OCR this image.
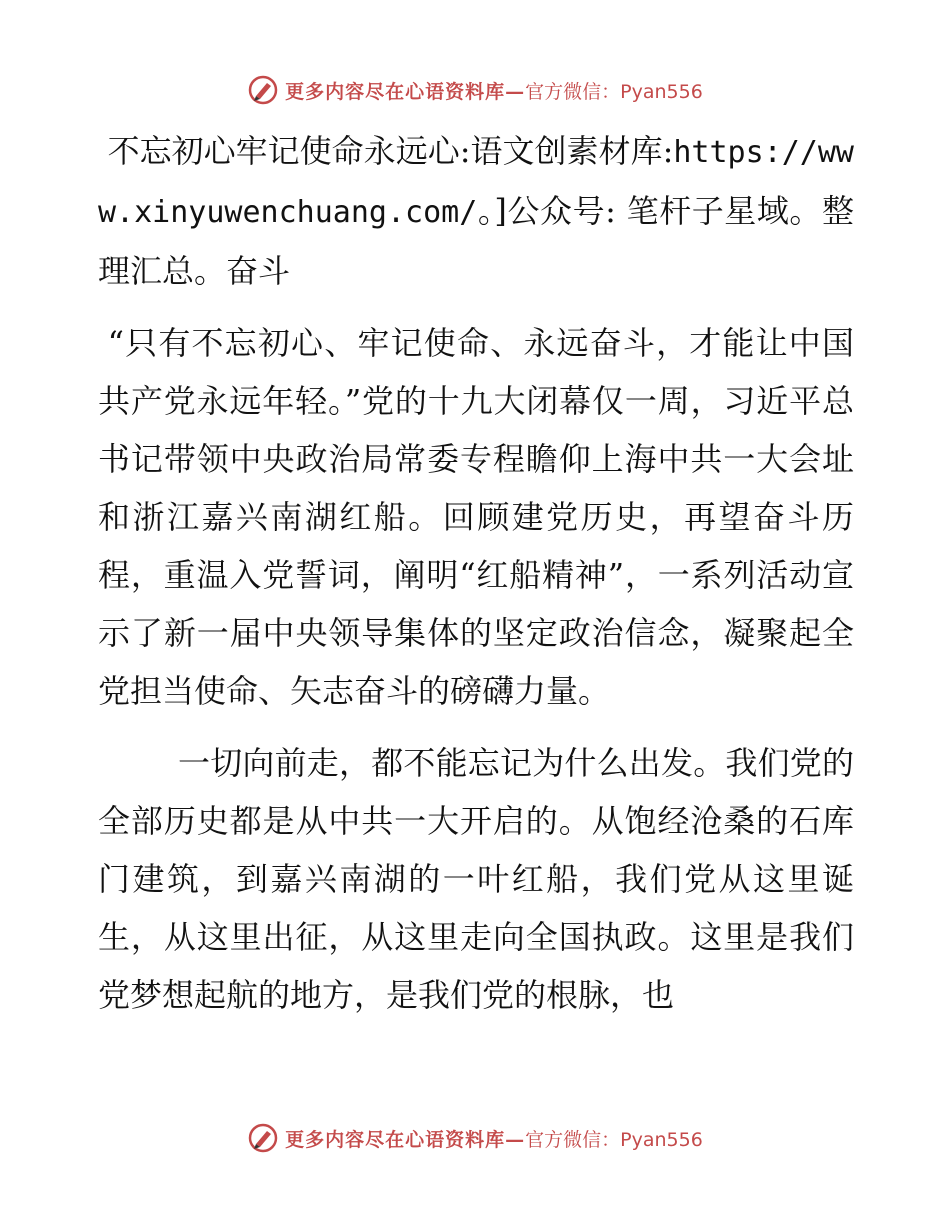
更多内容尽在心语资料库— 官方微信：Pyan556

不忘初心牢记使命永远心:语文创素材库:https://www.xinyuwenchuang.com/。]公众号: 笔杆子星域。整理汇总。奋斗

“只有不忘初心、牢记使命、永远奋斗，才能让中国共产党永远年轻。”党的十九大闭幕仅一周，习近平总书记带领中央政治局常委专程瞻仰上海中共一大会址和浙江嘉兴南湖红船。回顾建党历史，再望奋斗历程，重温入党誓词，阐明“红船精神”，一系列活动宣示了新一届中央领导集体的坚定政治信念，凝聚起全党担当使命、矢志奋斗的磅礴力量。

一切向前走，都不能忘记为什么出发。我们党的全部历史都是从中共一大开启的。从饱经沧桑的石库门建筑，到嘉兴南湖的一叶红船，我们党从这里诞生，从这里出征，从这里走向全国执政。这里是我们党梦想起航的地方，是我们党的根脉，也

更多内容尽在心语资料库— 官方微信：Pyan556
